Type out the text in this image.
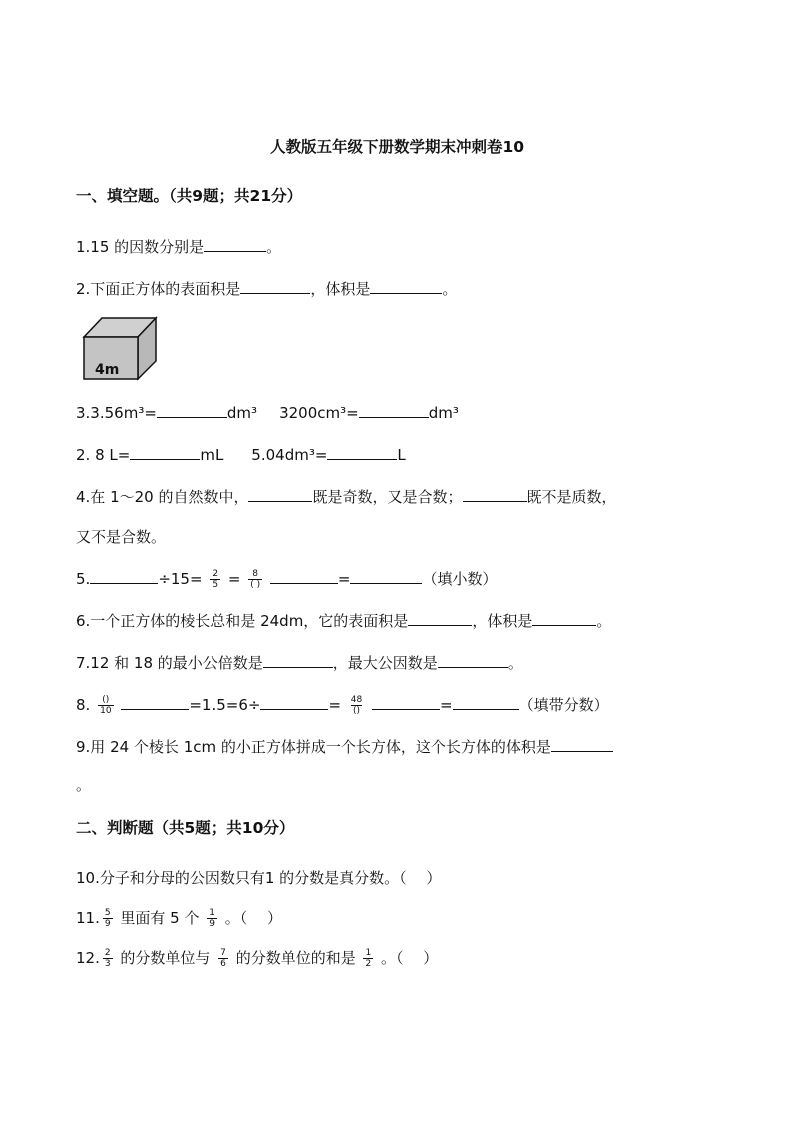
人教版五年级下册数学期末冲刺卷10
一、填空题。（共9题；共21分）
1.15 的因数分别是	。
2.下面正方体的表面积是	，体积是	。
4m
3.3.56m³=	dm³ 3200cm³=	dm³
2. 8 L=	mL 5.04dm³=	L
4.在 1～20 的自然数中，	既是奇数，又是合数；	既不是质数，
又不是合数。
5.	$\div 15= \frac{2}{5} = \frac{8}{( )}$	=	（填小数）
6.一个正方体的棱长总和是 24dm，它的表面积是	，体积是	。
7.12 和 18 的最小公倍数是	，最大公因数是	。
8. $\frac{()}{10}$	=1.5=6÷	= $\frac{48}{()}$	=	（填带分数）
9.用 24 个棱长 1cm 的小正方体拼成一个长方体，这个长方体的体积是
。
二、判断题（共5题；共10分）
10.分子和分母的公因数只有1 的分数是真分数。（　 ）
11. $\frac{5}{9}$ 里面有 5 个 $\frac{1}{9}$ 。（　 ）
12. $\frac{2}{3}$ 的分数单位与 $\frac{7}{6}$ 的分数单位的和是 $\frac{1}{2}$ 。（　 ）
